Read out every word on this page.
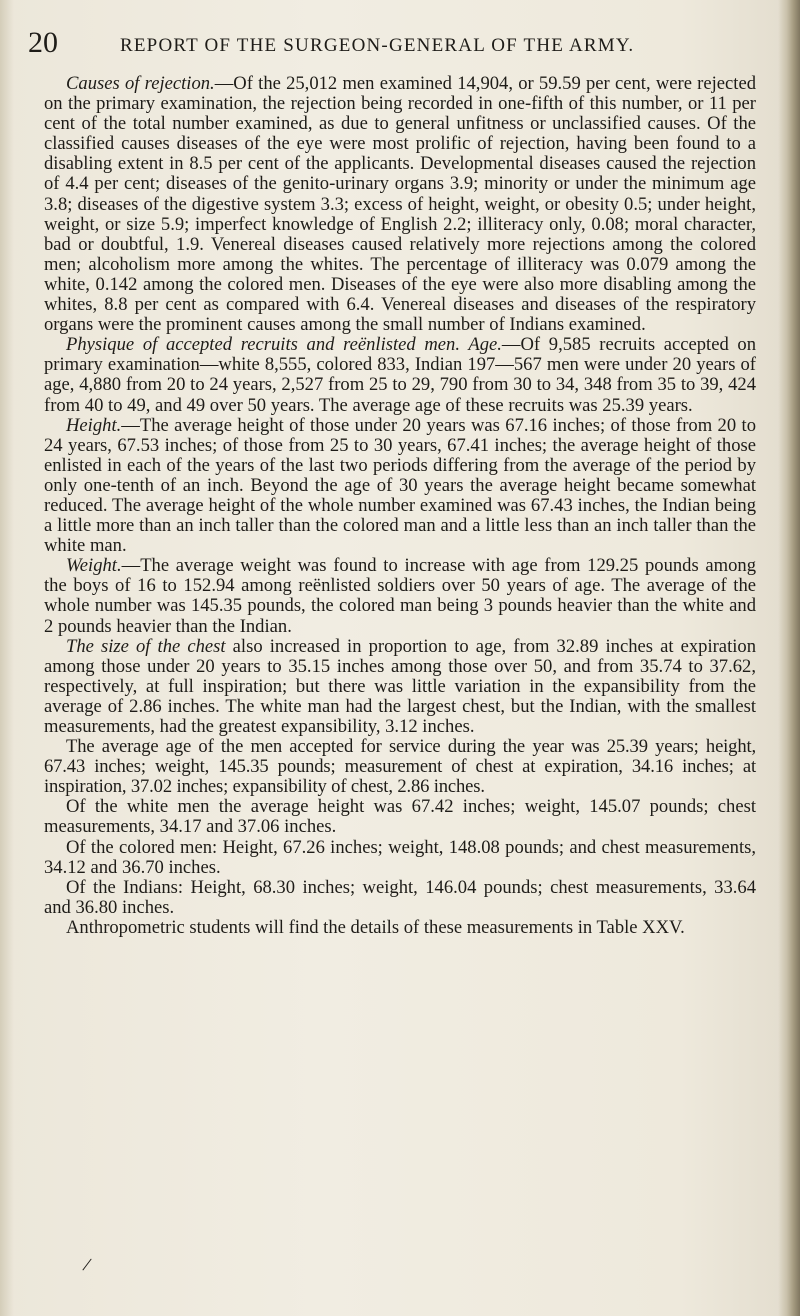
20	REPORT OF THE SURGEON-GENERAL OF THE ARMY.

Causes of rejection.—Of the 25,012 men examined 14,904, or 59.59 per cent, were rejected on the primary examination, the rejection being recorded in one-fifth of this number, or 11 per cent of the total number examined, as due to general unfitness or unclassified causes. Of the classified causes diseases of the eye were most prolific of rejection, having been found to a disabling extent in 8.5 per cent of the applicants. Developmental diseases caused the rejection of 4.4 per cent; diseases of the genito-urinary organs 3.9; minority or under the minimum age 3.8; diseases of the digestive system 3.3; excess of height, weight, or obesity 0.5; under height, weight, or size 5.9; imperfect knowledge of English 2.2; illiteracy only, 0.08; moral character, bad or doubtful, 1.9. Venereal diseases caused relatively more rejections among the colored men; alcoholism more among the whites. The percentage of illiteracy was 0.079 among the white, 0.142 among the colored men. Diseases of the eye were also more disabling among the whites, 8.8 per cent as compared with 6.4. Venereal diseases and diseases of the respiratory organs were the prominent causes among the small number of Indians examined.

Physique of accepted recruits and reënlisted men. Age.—Of 9,585 recruits accepted on primary examination—white 8,555, colored 833, Indian 197—567 men were under 20 years of age, 4,880 from 20 to 24 years, 2,527 from 25 to 29, 790 from 30 to 34, 348 from 35 to 39, 424 from 40 to 49, and 49 over 50 years. The average age of these recruits was 25.39 years.

Height.—The average height of those under 20 years was 67.16 inches; of those from 20 to 24 years, 67.53 inches; of those from 25 to 30 years, 67.41 inches; the average height of those enlisted in each of the years of the last two periods differing from the average of the period by only one-tenth of an inch. Beyond the age of 30 years the average height became somewhat reduced. The average height of the whole number examined was 67.43 inches, the Indian being a little more than an inch taller than the colored man and a little less than an inch taller than the white man.

Weight.—The average weight was found to increase with age from 129.25 pounds among the boys of 16 to 152.94 among reënlisted soldiers over 50 years of age. The average of the whole number was 145.35 pounds, the colored man being 3 pounds heavier than the white and 2 pounds heavier than the Indian.

The size of the chest also increased in proportion to age, from 32.89 inches at expiration among those under 20 years to 35.15 inches among those over 50, and from 35.74 to 37.62, respectively, at full inspiration; but there was little variation in the expansibility from the average of 2.86 inches. The white man had the largest chest, but the Indian, with the smallest measurements, had the greatest expansibility, 3.12 inches.

The average age of the men accepted for service during the year was 25.39 years; height, 67.43 inches; weight, 145.35 pounds; measurement of chest at expiration, 34.16 inches; at inspiration, 37.02 inches; expansibility of chest, 2.86 inches.

Of the white men the average height was 67.42 inches; weight, 145.07 pounds; chest measurements, 34.17 and 37.06 inches.

Of the colored men: Height, 67.26 inches; weight, 148.08 pounds; and chest measurements, 34.12 and 36.70 inches.

Of the Indians: Height, 68.30 inches; weight, 146.04 pounds; chest measurements, 33.64 and 36.80 inches.

Anthropometric students will find the details of these measurements in Table XXV.

/
